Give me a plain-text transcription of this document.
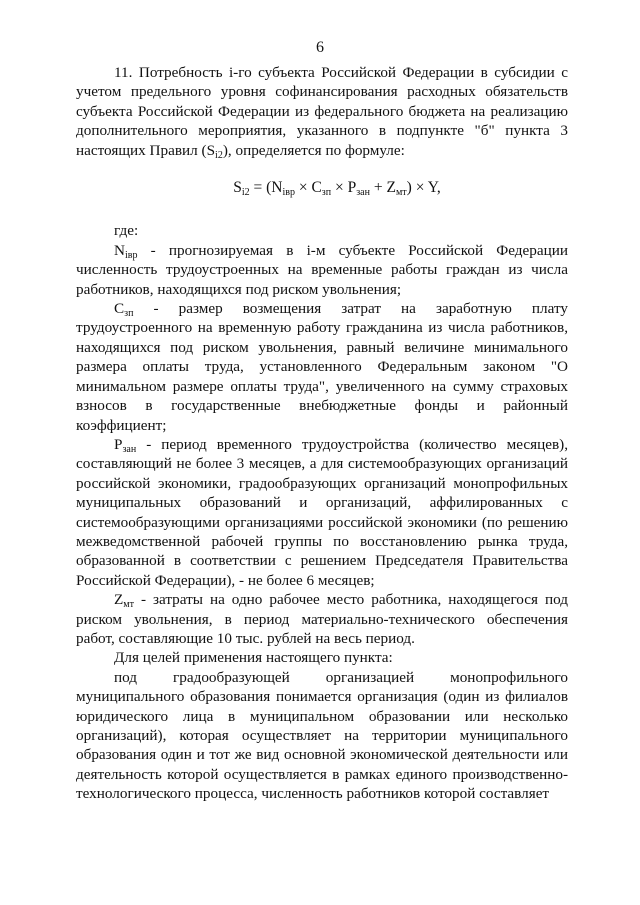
6

11. Потребность i-го субъекта Российской Федерации в субсидии с учетом предельного уровня софинансирования расходных обязательств субъекта Российской Федерации из федерального бюджета на реализацию дополнительного мероприятия, указанного в подпункте "б" пункта 3 настоящих Правил $(S_{i2})$, определяется по формуле:

$S_{i2} = (N_{iвр} \times C_{зп} \times P_{зан} + Z_{мт}) \times Y$,

где:

$N_{iвр}$ - прогнозируемая в i-м субъекте Российской Федерации численность трудоустроенных на временные работы граждан из числа работников, находящихся под риском увольнения;

$C_{зп}$ - размер возмещения затрат на заработную плату трудоустроенного на временную работу гражданина из числа работников, находящихся под риском увольнения, равный величине минимального размера оплаты труда, установленного Федеральным законом "О минимальном размере оплаты труда", увеличенного на сумму страховых взносов в государственные внебюджетные фонды и районный коэффициент;

$P_{зан}$ - период временного трудоустройства (количество месяцев), составляющий не более 3 месяцев, а для системообразующих организаций российской экономики, градообразующих организаций монопрофильных муниципальных образований и организаций, аффилированных с системообразующими организациями российской экономики (по решению межведомственной рабочей группы по восстановлению рынка труда, образованной в соответствии с решением Председателя Правительства Российской Федерации), - не более 6 месяцев;

$Z_{мт}$ - затраты на одно рабочее место работника, находящегося под риском увольнения, в период материально-технического обеспечения работ, составляющие 10 тыс. рублей на весь период.

Для целей применения настоящего пункта:

под градообразующей организацией монопрофильного муниципального образования понимается организация (один из филиалов юридического лица в муниципальном образовании или несколько организаций), которая осуществляет на территории муниципального образования один и тот же вид основной экономической деятельности или деятельность которой осуществляется в рамках единого производственно-технологического процесса, численность работников которой составляет
